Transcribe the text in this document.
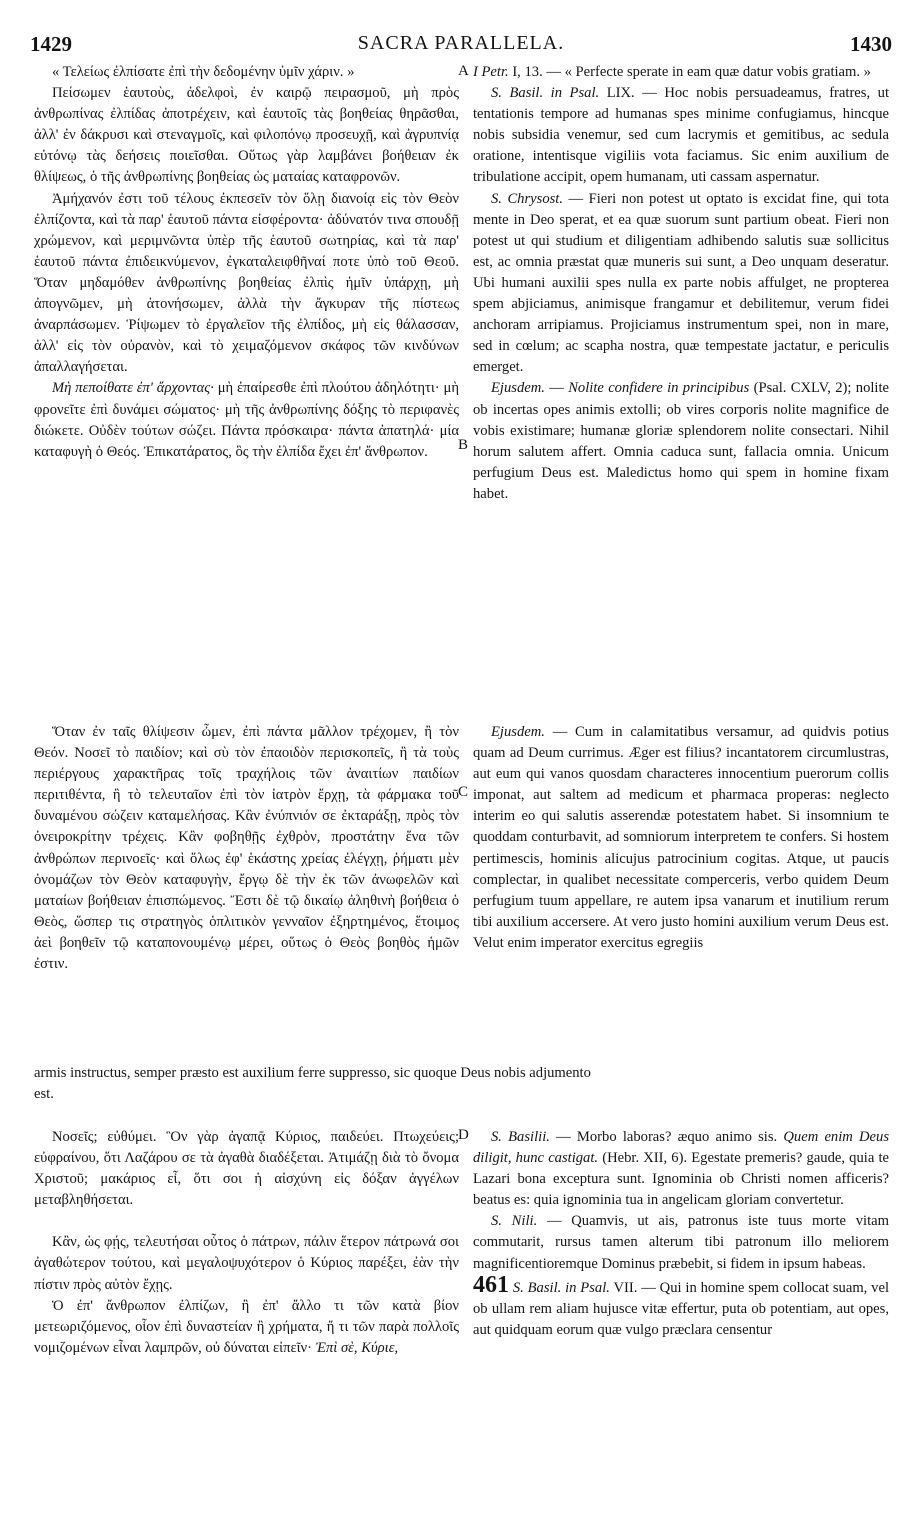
1429	SACRA PARALLELA.	1430
A
B
C
D

« Τελείως ἐλπίσατε ἐπὶ τὴν δεδομένην ὑμῖν χάριν. »

Πείσωμεν ἑαυτοὺς, ἀδελφοὶ, ἐν καιρῷ πειρασμοῦ, μὴ πρὸς ἀνθρωπίνας ἐλπίδας ἀποτρέχειν, καὶ ἑαυτοῖς τὰς βοηθείας θηρᾶσθαι, ἀλλ' ἐν δάκρυσι καὶ στεναγμοῖς, καὶ φιλοπόνῳ προσευχῇ, καὶ ἀγρυπνίᾳ εὐτόνῳ τὰς δεήσεις ποιεῖσθαι. Οὕτως γὰρ λαμβάνει βοήθειαν ἐκ θλίψεως, ὁ τῆς ἀνθρωπίνης βοηθείας ὡς ματαίας καταφρονῶν.

Ἀμήχανόν ἐστι τοῦ τέλους ἐκπεσεῖν τὸν ὅλῃ διανοίᾳ εἰς τὸν Θεὸν ἐλπίζοντα, καὶ τὰ παρ' ἑαυτοῦ πάντα εἰσφέροντα· ἀδύνατόν τινα σπουδῇ χρώμενον, καὶ μεριμνῶντα ὑπὲρ τῆς ἑαυτοῦ σωτηρίας, καὶ τὰ παρ' ἑαυτοῦ πάντα ἐπιδεικνύμενον, ἐγκαταλειφθῆναί ποτε ὑπὸ τοῦ Θεοῦ. Ὅταν μηδαμόθεν ἀνθρωπίνης βοηθείας ἐλπὶς ἡμῖν ὑπάρχῃ, μὴ ἀπογνῶμεν, μὴ ἀτονήσωμεν, ἀλλὰ τὴν ἄγκυραν τῆς πίστεως ἀναρπάσωμεν. Ῥίψωμεν τὸ ἐργαλεῖον τῆς ἐλπίδος, μὴ εἰς θάλασσαν, ἀλλ' εἰς τὸν οὐρανὸν, καὶ τὸ χειμαζόμενον σκάφος τῶν κινδύνων ἀπαλλαγήσεται.

Μὴ πεποίθατε ἐπ' ἄρχοντας· μὴ ἐπαίρεσθε ἐπὶ πλούτου ἀδηλότητι· μὴ φρονεῖτε ἐπὶ δυνάμει σώματος· μὴ τῆς ἀνθρωπίνης δόξης τὸ περιφανὲς διώκετε. Οὐδὲν τούτων σώζει. Πάντα πρόσκαιρα· πάντα ἀπατηλά· μία καταφυγὴ ὁ Θεός. Ἐπικατάρατος, ὃς τὴν ἐλπίδα ἔχει ἐπ' ἄνθρωπον.

I Petr. I, 13. — « Perfecte sperate in eam quæ datur vobis gratiam. »

S. Basil. in Psal. LIX. — Hoc nobis persuadeamus, fratres, ut tentationis tempore ad humanas spes minime confugiamus, hincque nobis subsidia venemur, sed cum lacrymis et gemitibus, ac sedula oratione, intentisque vigiliis vota faciamus. Sic enim auxilium de tribulatione accipit, opem humanam, uti cassam aspernatur.

S. Chrysost. — Fieri non potest ut optato is excidat fine, qui tota mente in Deo sperat, et ea quæ suorum sunt partium obeat. Fieri non potest ut qui studium et diligentiam adhibendo salutis suæ sollicitus est, ac omnia præstat quæ muneris sui sunt, a Deo unquam deseratur. Ubi humani auxilii spes nulla ex parte nobis affulget, ne propterea spem abjiciamus, animisque frangamur et debilitemur, verum fidei anchoram arripiamus. Projiciamus instrumentum spei, non in mare, sed in cœlum; ac scapha nostra, quæ tempestate jactatur, e periculis emerget.

Ejusdem. — Nolite confidere in principibus (Psal. CXLV, 2); nolite ob incertas opes animis extolli; ob vires corporis nolite magnifice de vobis existimare; humanæ gloriæ splendorem nolite consectari. Nihil horum salutem affert. Omnia caduca sunt, fallacia omnia. Unicum perfugium Deus est. Maledictus homo qui spem in homine fixam habet.

Ὅταν ἐν ταῖς θλίψεσιν ὦμεν, ἐπὶ πάντα μᾶλλον τρέχομεν, ἢ τὸν Θεόν. Νοσεῖ τὸ παιδίον; καὶ σὺ τὸν ἐπαοιδὸν περισκοπεῖς, ἢ τὰ τοὺς περιέργους χαρακτῆρας τοῖς τραχήλοις τῶν ἀναιτίων παιδίων περιτιθέντα, ἢ τὸ τελευταῖον ἐπὶ τὸν ἰατρὸν ἔρχῃ, τὰ φάρμακα τοῦ δυναμένου σώζειν καταμελήσας. Κἂν ἐνύπνιόν σε ἐκταράξῃ, πρὸς τὸν ὀνειροκρίτην τρέχεις. Κἂν φοβηθῇς ἐχθρὸν, προστάτην ἕνα τῶν ἀνθρώπων περινοεῖς· καὶ ὅλως ἐφ' ἑκάστης χρείας ἐλέγχῃ, ῥήματι μὲν ὀνομάζων τὸν Θεὸν καταφυγὴν, ἔργῳ δὲ τὴν ἐκ τῶν ἀνωφελῶν καὶ ματαίων βοήθειαν ἐπισπώμενος. Ἔστι δὲ τῷ δικαίῳ ἀληθινὴ βοήθεια ὁ Θεὸς, ὥσπερ τις στρατηγὸς ὁπλιτικὸν γενναῖον ἐξηρτημένος, ἕτοιμος ἀεὶ βοηθεῖν τῷ καταπονουμένῳ μέρει, οὕτως ὁ Θεὸς βοηθὸς ἡμῶν ἐστιν.

Ejusdem. — Cum in calamitatibus versamur, ad quidvis potius quam ad Deum currimus. Æger est filius? incantatorem circumlustras, aut eum qui vanos quosdam characteres innocentium puerorum collis imponat, aut saltem ad medicum et pharmaca properas: neglecto interim eo qui salutis asserendæ potestatem habet. Si insomnium te quoddam conturbavit, ad somniorum interpretem te confers. Si hostem pertimescis, hominis alicujus patrocinium cogitas. Atque, ut paucis complectar, in qualibet necessitate comperceris, verbo quidem Deum perfugium tuum appellare, re autem ipsa vanarum et inutilium rerum tibi auxilium accersere. At vero justo homini auxilium verum Deus est. Velut enim imperator exercitus egregiis

armis instructus, semper præsto est auxilium ferre suppresso, sic quoque Deus nobis adjumento
est.

Νοσεῖς; εὐθύμει. Ὃν γὰρ ἀγαπᾷ Κύριος, παιδεύει. Πτωχεύεις; εὐφραίνου, ὅτι Λαζάρου σε τὰ ἀγαθὰ διαδέξεται. Ἀτιμάζῃ διὰ τὸ ὄνομα Χριστοῦ; μακάριος εἶ, ὅτι σοι ἡ αἰσχύνη εἰς δόξαν ἀγγέλων μεταβληθήσεται.

Κἂν, ὡς φῄς, τελευτήσαι οὗτος ὁ πάτρων, πάλιν ἕτερον πάτρωνά σοι ἀγαθώτερον τούτου, καὶ μεγαλοψυχότερον ὁ Κύριος παρέξει, ἐὰν τὴν πίστιν πρὸς αὐτὸν ἔχῃς.

Ὁ ἐπ' ἄνθρωπον ἐλπίζων, ἢ ἐπ' ἄλλο τι τῶν κατὰ βίον μετεωριζόμενος, οἷον ἐπὶ δυναστείαν ἢ χρήματα, ἤ τι τῶν παρὰ πολλοῖς νομιζομένων εἶναι λαμπρῶν, οὐ δύναται εἰπεῖν· Ἐπὶ σὲ, Κύριε,

S. Basilii. — Morbo laboras? æquo animo sis. Quem enim Deus diligit, hunc castigat. (Hebr. XII, 6). Egestate premeris? gaude, quia te Lazari bona exceptura sunt. Ignominia ob Christi nomen afficeris? beatus es: quia ignominia tua in angelicam gloriam convertetur.

S. Nili. — Quamvis, ut ais, patronus iste tuus morte vitam commutarit, rursus tamen alterum tibi patronum illo meliorem magnificentioremque Dominus præbebit, si fidem in ipsum habeas.

461 S. Basil. in Psal. VII. — Qui in homine spem collocat suam, vel ob ullam rem aliam hujusce vitæ effertur, puta ob potentiam, aut opes, aut quidquam eorum quæ vulgo præclara censentur
